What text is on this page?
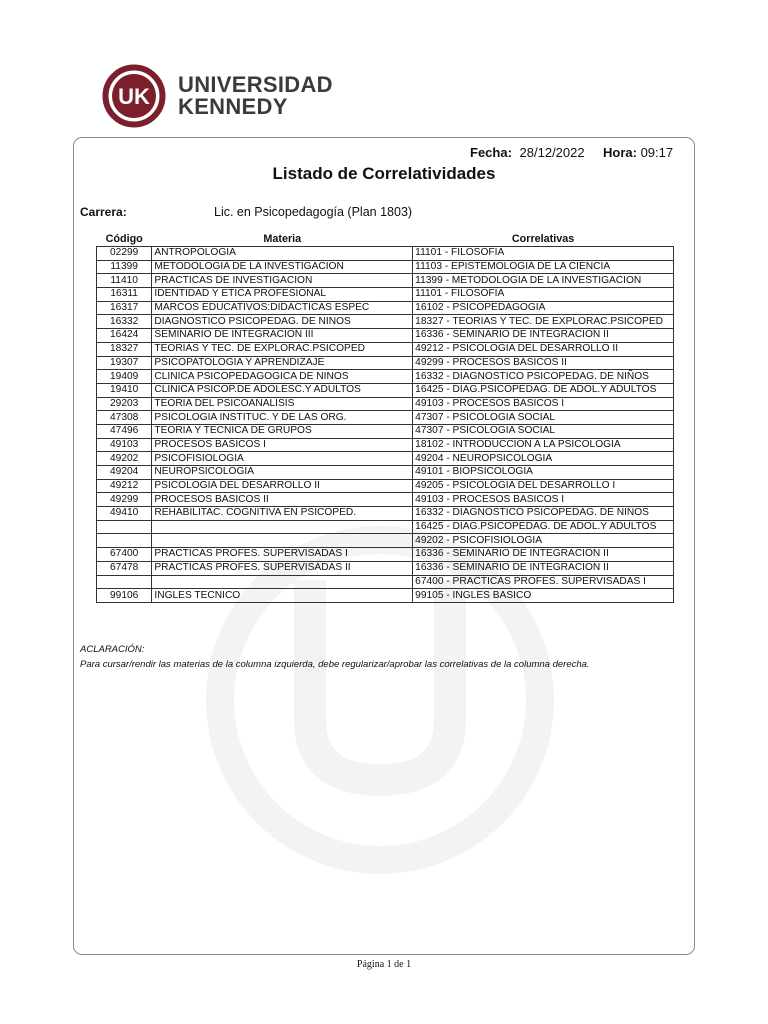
UK UNIVERSIDAD
KENNEDY
Fecha: 28/12/2022 Hora: 09:17
Listado de Correlatividades
Carrera:	Lic. en Psicopedagogía (Plan 1803)
Código	Materia	Correlativas
02299	ANTROPOLOGIA	11101 - FILOSOFIA
11399	METODOLOGIA DE LA INVESTIGACION	11103 - EPISTEMOLOGIA DE LA CIENCIA
11410	PRACTICAS DE INVESTIGACION	11399 - METODOLOGIA DE LA INVESTIGACION
16311	IDENTIDAD Y ETICA PROFESIONAL	11101 - FILOSOFIA
16317	MARCOS EDUCATIVOS:DIDACTICAS ESPEC	16102 - PSICOPEDAGOGIA
16332	DIAGNOSTICO PSICOPEDAG. DE NINOS	18327 - TEORIAS Y TEC. DE EXPLORAC.PSICOPED
16424	SEMINARIO DE INTEGRACION III	16336 - SEMINARIO DE INTEGRACION II
18327	TEORIAS Y TEC. DE EXPLORAC.PSICOPED	49212 - PSICOLOGIA DEL DESARROLLO II
19307	PSICOPATOLOGIA Y APRENDIZAJE	49299 - PROCESOS BASICOS II
19409	CLINICA PSICOPEDAGOGICA DE NINOS	16332 - DIAGNOSTICO PSICOPEDAG. DE NIÑOS
19410	CLINICA PSICOP.DE ADOLESC.Y ADULTOS	16425 - DIAG.PSICOPEDAG. DE ADOL.Y ADULTOS
29203	TEORIA DEL PSICOANALISIS	49103 - PROCESOS BASICOS I
47308	PSICOLOGIA INSTITUC. Y DE LAS ORG.	47307 - PSICOLOGIA SOCIAL
47496	TEORIA Y TECNICA DE GRUPOS	47307 - PSICOLOGIA SOCIAL
49103	PROCESOS BASICOS I	18102 - INTRODUCCION A LA PSICOLOGIA
49202	PSICOFISIOLOGIA	49204 - NEUROPSICOLOGIA
49204	NEUROPSICOLOGIA	49101 - BIOPSICOLOGIA
49212	PSICOLOGIA DEL DESARROLLO II	49205 - PSICOLOGIA DEL DESARROLLO I
49299	PROCESOS BASICOS II	49103 - PROCESOS BASICOS I
49410	REHABILITAC. COGNITIVA EN PSICOPED.	16332 - DIAGNOSTICO PSICOPEDAG. DE NIÑOS
		16425 - DIAG.PSICOPEDAG. DE ADOL.Y ADULTOS
		49202 - PSICOFISIOLOGIA
67400	PRACTICAS PROFES. SUPERVISADAS I	16336 - SEMINARIO DE INTEGRACION II
67478	PRACTICAS PROFES. SUPERVISADAS II	16336 - SEMINARIO DE INTEGRACION II
		67400 - PRACTICAS PROFES. SUPERVISADAS I
99106	INGLES TECNICO	99105 - INGLES BASICO
ACLARACIÓN:
Para cursar/rendir las materias de la columna izquierda, debe regularizar/aprobar las correlativas de la columna derecha.
Página 1 de 1
